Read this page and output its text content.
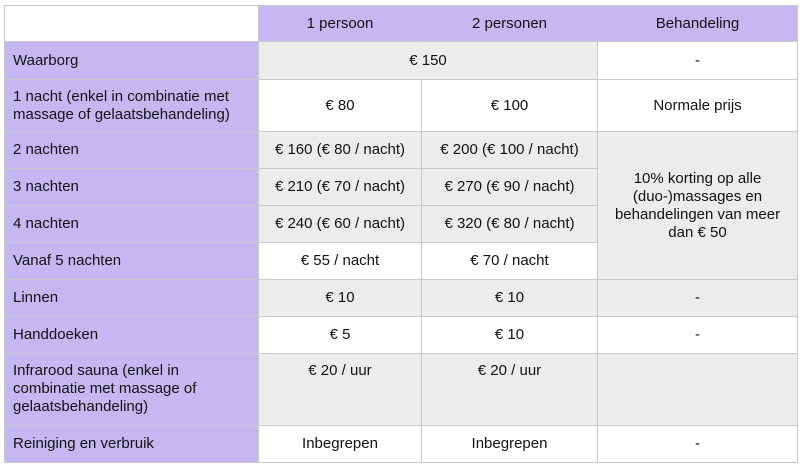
	1 persoon	2 personen	Behandeling
Waarborg	€ 150		-
1 nacht (enkel in combinatie met massage of gelaatsbehandeling)	€ 80	€ 100	Normale prijs
2 nachten	€ 160 (€ 80 / nacht)	€ 200 (€ 100 / nacht)	10% korting op alle (duo-)massages en behandelingen van meer dan € 50
3 nachten	€ 210 (€ 70 / nacht)	€ 270 (€ 90 / nacht)	
4 nachten	€ 240 (€ 60 / nacht)	€ 320 (€ 80 / nacht)	
Vanaf 5 nachten	€ 55 / nacht	€ 70 / nacht	
Linnen	€ 10	€ 10	-
Handdoeken	€ 5	€ 10	-
Infrarood sauna (enkel in combinatie met massage of gelaatsbehandeling)	€ 20 / uur	€ 20 / uur	
Reiniging en verbruik	Inbegrepen	Inbegrepen	-
